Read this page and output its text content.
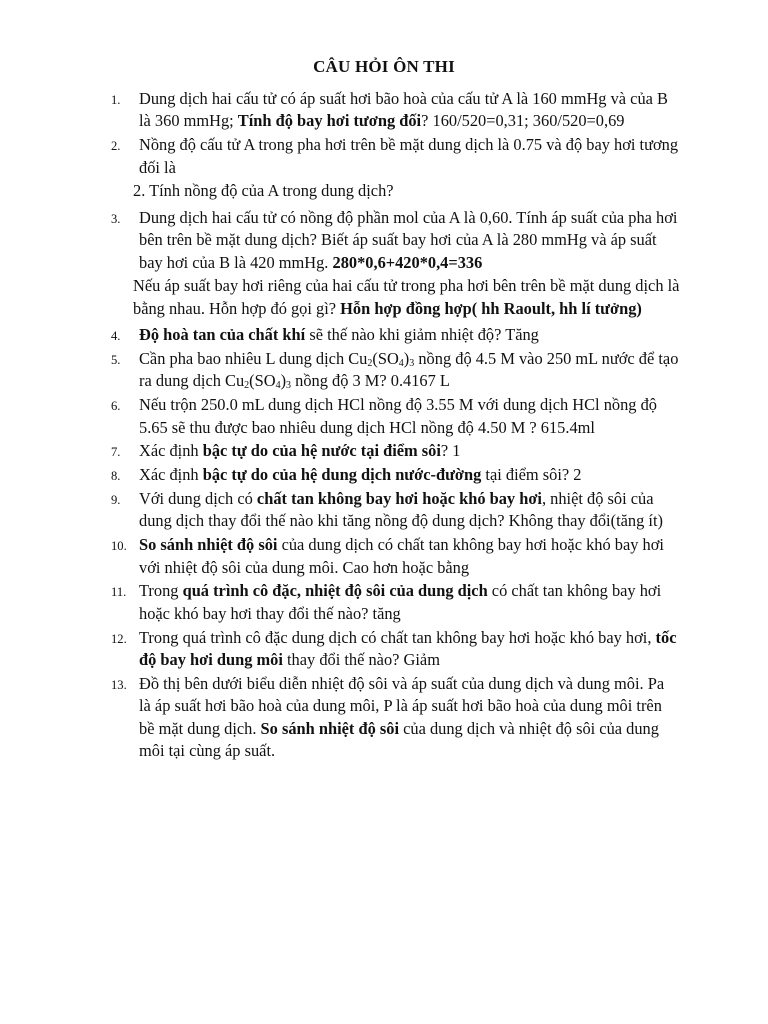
CÂU HỎI ÔN THI
1. Dung dịch hai cấu tử có áp suất hơi bão hoà của cấu tử A là 160 mmHg và của B là 360 mmHg; Tính độ bay hơi tương đối? 160/520=0,31; 360/520=0,69
2. Nồng độ cấu tử A trong pha hơi trên bề mặt dung dịch là 0.75 và độ bay hơi tương đối là
2. Tính nồng độ của A trong dung dịch?
3. Dung dịch hai cấu tử có nồng độ phần mol của A là 0,60. Tính áp suất của pha hơi bên trên bề mặt dung dịch? Biết áp suất bay hơi của A là 280 mmHg và áp suất bay hơi của B là 420 mmHg. 280*0,6+420*0,4=336
Nếu áp suất bay hơi riêng của hai cấu tử trong pha hơi bên trên bề mặt dung dịch là bằng nhau. Hỗn hợp đó gọi gì? Hỗn hợp đồng hợp( hh Raoult, hh lí tưởng)
4. Độ hoà tan của chất khí sẽ thế nào khi giảm nhiệt độ? Tăng
5. Cần pha bao nhiêu L dung dịch $Cu_2(SO_4)_3$ nồng độ 4.5 M vào 250 mL nước để tạo ra dung dịch $Cu_2(SO_4)_3$ nồng độ 3 M? 0.4167 L
6. Nếu trộn 250.0 mL dung dịch HCl nồng độ 3.55 M với dung dịch HCl nồng độ 5.65 sẽ thu được bao nhiêu dung dịch HCl nồng độ 4.50 M ? 615.4ml
7. Xác định bậc tự do của hệ nước tại điểm sôi? 1
8. Xác định bậc tự do của hệ dung dịch nước-đường tại điểm sôi? 2
9. Với dung dịch có chất tan không bay hơi hoặc khó bay hơi, nhiệt độ sôi của dung dịch thay đổi thế nào khi tăng nồng độ dung dịch? Không thay đổi(tăng ít)
10. So sánh nhiệt độ sôi của dung dịch có chất tan không bay hơi hoặc khó bay hơi với nhiệt độ sôi của dung môi. Cao hơn hoặc bằng
11. Trong quá trình cô đặc, nhiệt độ sôi của dung dịch có chất tan không bay hơi hoặc khó bay hơi thay đổi thế nào? tăng
12. Trong quá trình cô đặc dung dịch có chất tan không bay hơi hoặc khó bay hơi, tốc độ bay hơi dung môi thay đổi thế nào? Giảm
13. Đồ thị bên dưới biểu diễn nhiệt độ sôi và áp suất của dung dịch và dung môi. Pa là áp suất hơi bão hoà của dung môi, P là áp suất hơi bão hoà của dung môi trên bề mặt dung dịch. So sánh nhiệt độ sôi của dung dịch và nhiệt độ sôi của dung môi tại cùng áp suất.
